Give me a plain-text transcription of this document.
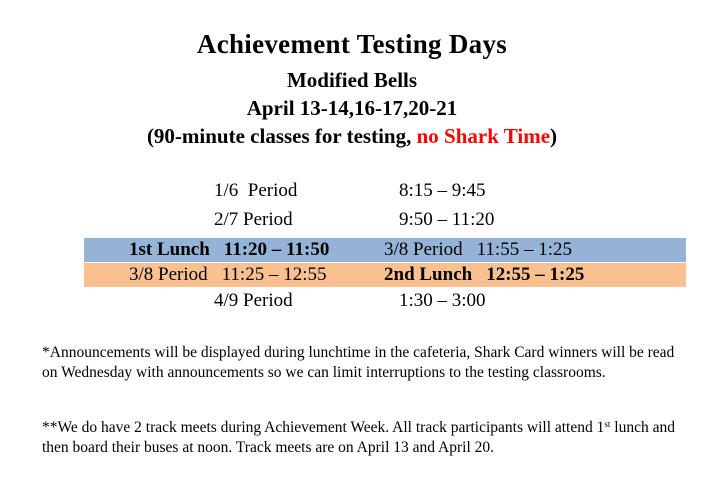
Achievement Testing Days
Modified Bells
April 13-14,16-17,20-21
(90-minute classes for testing, no Shark Time)
1/6  Period	8:15 – 9:45
2/7 Period	9:50 – 11:20
1st Lunch 11:20 – 11:50	3/8 Period 11:55 – 1:25
3/8 Period 11:25 – 12:55	2nd Lunch 12:55 – 1:25
4/9 Period	1:30 – 3:00
*Announcements will be displayed during lunchtime in the cafeteria, Shark Card winners will be read on Wednesday with announcements so we can limit interruptions to the testing classrooms.
**We do have 2 track meets during Achievement Week. All track participants will attend 1st lunch and then board their buses at noon. Track meets are on April 13 and April 20.
